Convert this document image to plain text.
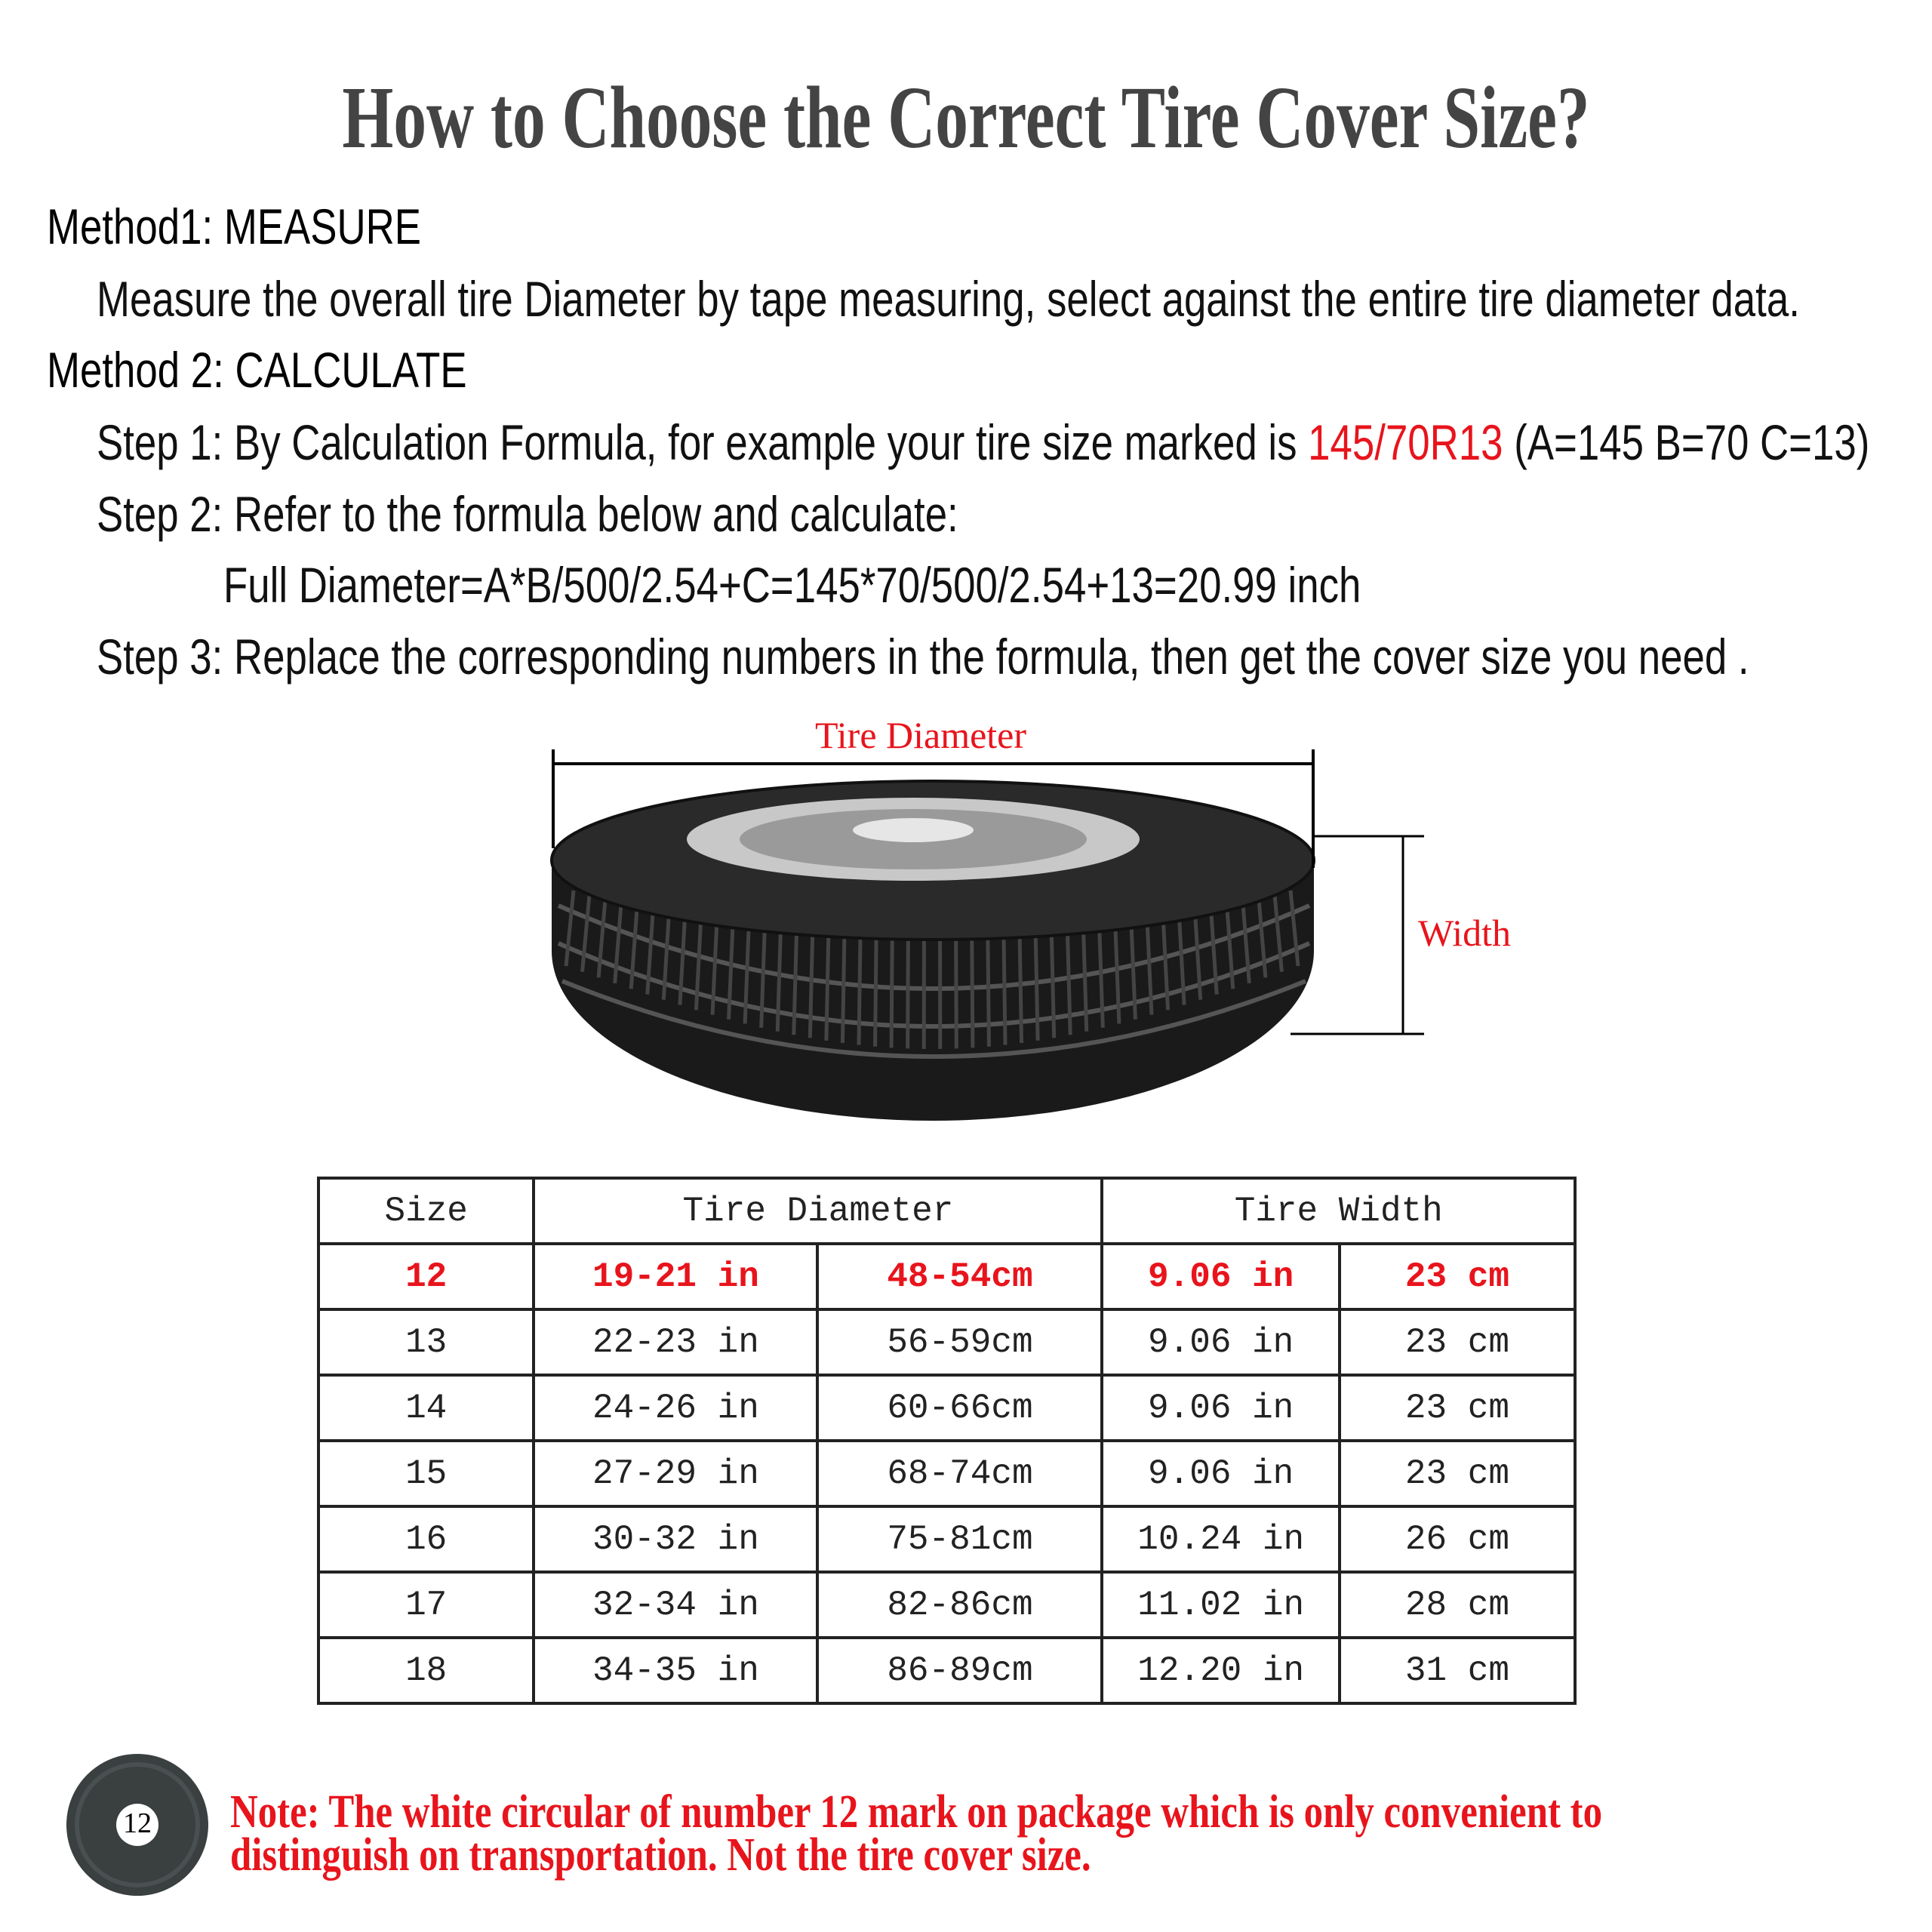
How to Choose the Correct Tire Cover Size?
Method1: MEASURE
Measure the overall tire Diameter by tape measuring, select against the entire tire diameter data.
Method 2: CALCULATE
Step 1: By Calculation Formula, for example your tire size marked is 145/70R13 (A=145 B=70 C=13)
Step 2: Refer to the formula below and calculate:
Full Diameter=A*B/500/2.54+C=145*70/500/2.54+13=20.99 inch
Step 3: Replace the corresponding numbers in the formula, then get the cover size you need .
Tire Diameter
Width
Size	Tire Diameter		Tire Width	
12	19-21 in	48-54cm	9.06 in	23 cm
13	22-23 in	56-59cm	9.06 in	23 cm
14	24-26 in	60-66cm	9.06 in	23 cm
15	27-29 in	68-74cm	9.06 in	23 cm
16	30-32 in	75-81cm	10.24 in	26 cm
17	32-34 in	82-86cm	11.02 in	28 cm
18	34-35 in	86-89cm	12.20 in	31 cm
12 Note: The white circular of number 12 mark on package which is only convenient to
distinguish on transportation. Not the tire cover size.
